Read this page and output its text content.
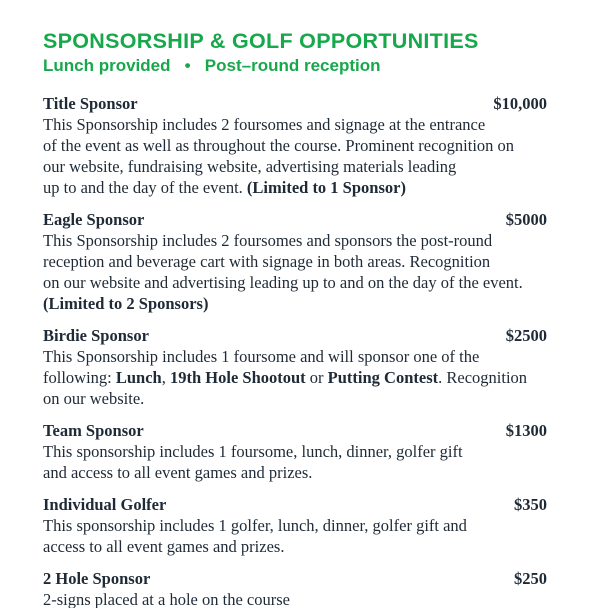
SPONSORSHIP & GOLF OPPORTUNITIES
Lunch provided   •   Post–round reception
Title Sponsor	$10,000
This Sponsorship includes 2 foursomes and signage at the entrance
of the event as well as throughout the course. Prominent recognition on
our website, fundraising website, advertising materials leading
up to and the day of the event. (Limited to 1 Sponsor)
Eagle Sponsor	$5000
This Sponsorship includes 2 foursomes and sponsors the post-round
reception and beverage cart with signage in both areas. Recognition
on our website and advertising leading up to and on the day of the event.
(Limited to 2 Sponsors)
Birdie Sponsor	$2500
This Sponsorship includes 1 foursome and will sponsor one of the
following: Lunch, 19th Hole Shootout or Putting Contest. Recognition
on our website.
Team Sponsor	$1300
This sponsorship includes 1 foursome, lunch, dinner, golfer gift
and access to all event games and prizes.
Individual Golfer	$350
This sponsorship includes 1 golfer, lunch, dinner, golfer gift and
access to all event games and prizes.
2 Hole Sponsor	$250
2-signs placed at a hole on the course
